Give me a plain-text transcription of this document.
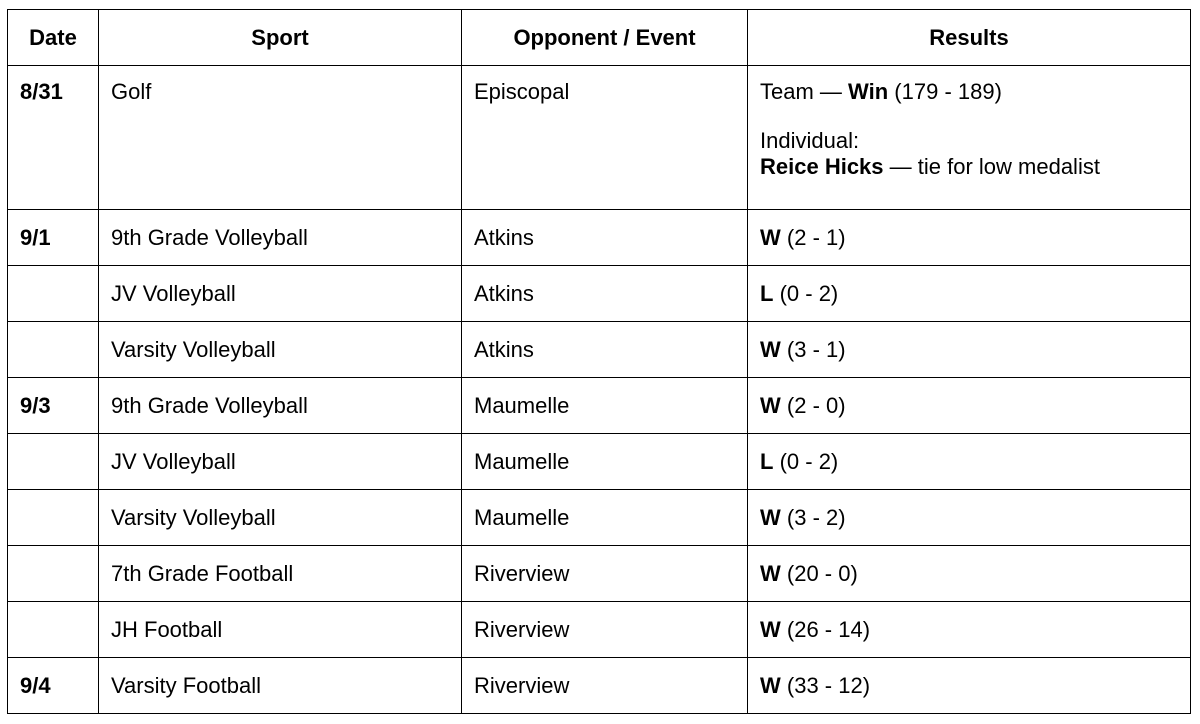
Date	Sport	Opponent / Event	Results
8/31	Golf	Episcopal	Team — Win (179 - 189)
Individual:
Reice Hicks — tie for low medalist

9/1	9th Grade Volleyball	Atkins	W (2 - 1)
	JV Volleyball	Atkins	L (0 - 2)
	Varsity Volleyball	Atkins	W (3 - 1)
9/3	9th Grade Volleyball	Maumelle	W (2 - 0)
	JV Volleyball	Maumelle	L (0 - 2)
	Varsity Volleyball	Maumelle	W (3 - 2)
	7th Grade Football	Riverview	W (20 - 0)
	JH Football	Riverview	W (26 - 14)
9/4	Varsity Football	Riverview	W (33 - 12)
